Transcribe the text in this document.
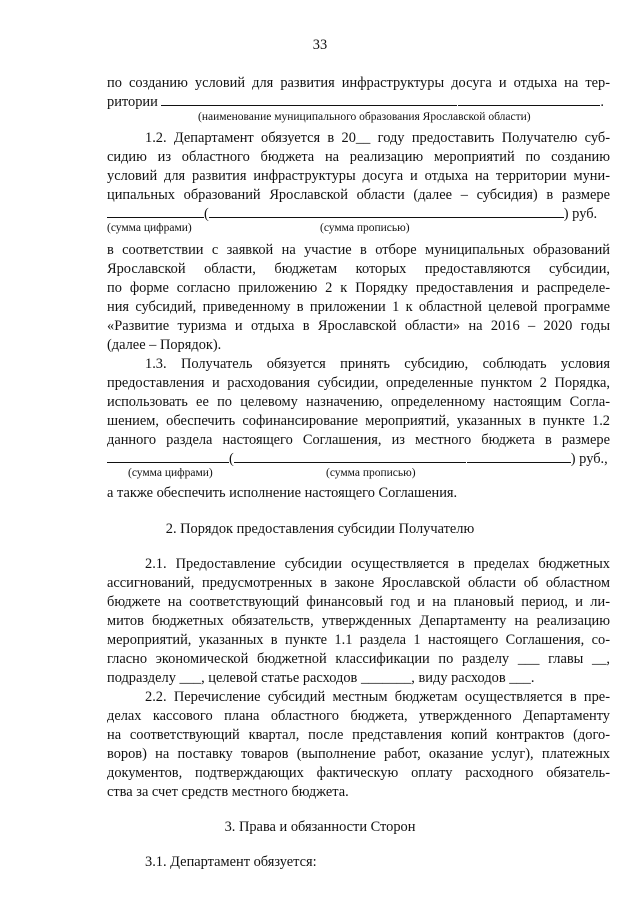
33
по созданию условий для развития инфраструктуры досуга и отдыха на тер-
ритории	.
(наименование муниципального образования Ярославской области)
1.2. Департамент обязуется в 20__ году предоставить Получателю суб-
сидию из областного бюджета на реализацию мероприятий по созданию
условий для развития инфраструктуры досуга и отдыха на территории муни-
ципальных образований Ярославской области (далее – субсидия) в размере
(	) руб.
(сумма цифрами)	(сумма прописью)
в соответствии с заявкой на участие в отборе муниципальных образований
Ярославской области, бюджетам которых предоставляются субсидии,
по форме согласно приложению 2 к Порядку предоставления и распределе-
ния субсидий, приведенному в приложении 1 к областной целевой программе
«Развитие туризма и отдыха в Ярославской области» на 2016 – 2020 годы
(далее – Порядок).
1.3. Получатель обязуется принять субсидию, соблюдать условия
предоставления и расходования субсидии, определенные пунктом 2 Порядка,
использовать ее по целевому назначению, определенному настоящим Согла-
шением, обеспечить софинансирование мероприятий, указанных в пункте 1.2
данного раздела настоящего Соглашения, из местного бюджета в размере
(	) руб.,
(сумма цифрами)	(сумма прописью)
а также обеспечить исполнение настоящего Соглашения.
2. Порядок предоставления субсидии Получателю
2.1. Предоставление субсидии осуществляется в пределах бюджетных
ассигнований, предусмотренных в законе Ярославской области об областном
бюджете на соответствующий финансовый год и на плановый период, и ли-
митов бюджетных обязательств, утвержденных Департаменту на реализацию
мероприятий, указанных в пункте 1.1 раздела 1 настоящего Соглашения, со-
гласно экономической бюджетной классификации по разделу ___ главы __,
подразделу ___, целевой статье расходов _______, виду расходов ___.
2.2. Перечисление субсидий местным бюджетам осуществляется в пре-
делах кассового плана областного бюджета, утвержденного Департаменту
на соответствующий квартал, после представления копий контрактов (дого-
воров) на поставку товаров (выполнение работ, оказание услуг), платежных
документов, подтверждающих фактическую оплату расходного обязатель-
ства за счет средств местного бюджета.
3. Права и обязанности Сторон
3.1. Департамент обязуется:
